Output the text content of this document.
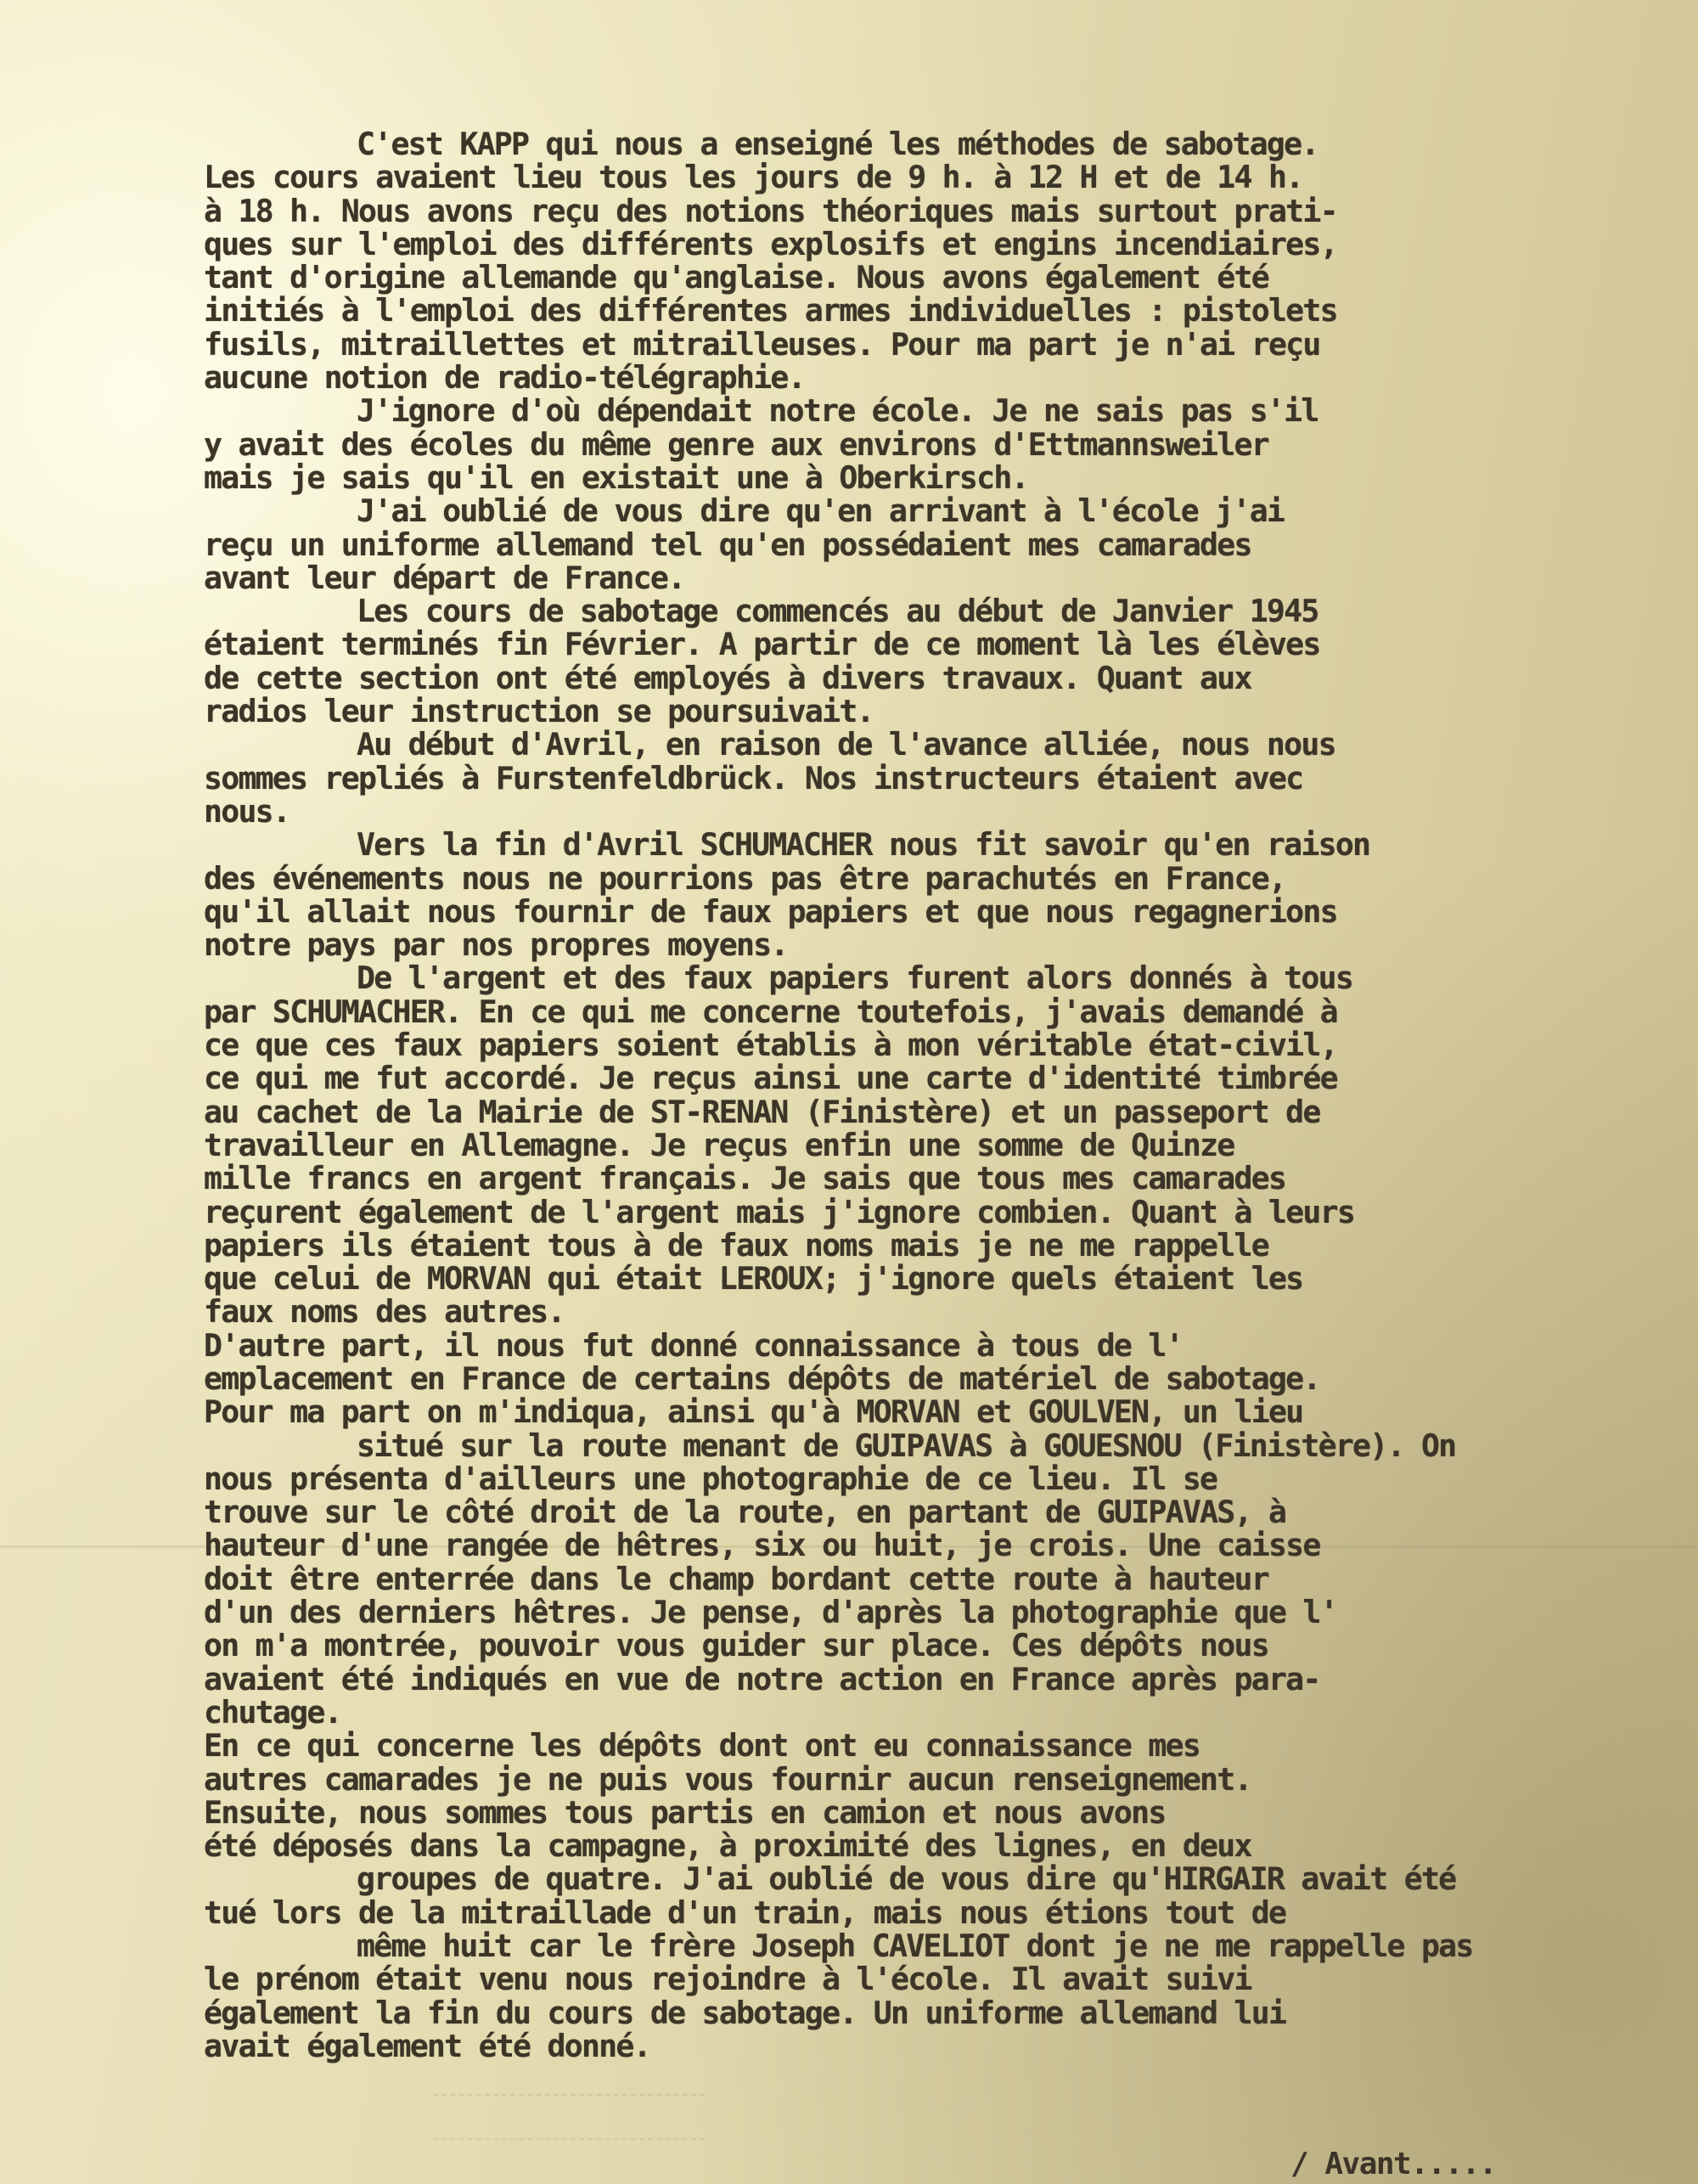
C'est KAPP qui nous a enseigné les méthodes de sabotage.
Les cours avaient lieu tous les jours de 9 h. à 12 H et de 14 h.
à 18 h. Nous avons reçu des notions théoriques mais surtout prati-
ques sur l'emploi des différents explosifs et engins incendiaires,
tant d'origine allemande qu'anglaise. Nous avons également été
initiés à l'emploi des différentes armes individuelles : pistolets
fusils, mitraillettes et mitrailleuses. Pour ma part je n'ai reçu
aucune notion de radio-télégraphie.
J'ignore d'où dépendait notre école. Je ne sais pas s'il
y avait des écoles du même genre aux environs d'Ettmannsweiler
mais je sais qu'il en existait une à Oberkirsch.
J'ai oublié de vous dire qu'en arrivant à l'école j'ai
reçu un uniforme allemand tel qu'en possédaient mes camarades
avant leur départ de France.
Les cours de sabotage commencés au début de Janvier 1945
étaient terminés fin Février. A partir de ce moment là les élèves
de cette section ont été employés à divers travaux. Quant aux
radios leur instruction se poursuivait.
Au début d'Avril, en raison de l'avance alliée, nous nous
sommes repliés à Furstenfeldbrück. Nos instructeurs étaient avec
nous.
Vers la fin d'Avril SCHUMACHER nous fit savoir qu'en raison
des événements nous ne pourrions pas être parachutés en France,
qu'il allait nous fournir de faux papiers et que nous regagnerions
notre pays par nos propres moyens.
De l'argent et des faux papiers furent alors donnés à tous
par SCHUMACHER. En ce qui me concerne toutefois, j'avais demandé à
ce que ces faux papiers soient établis à mon véritable état-civil,
ce qui me fut accordé. Je reçus ainsi une carte d'identité timbrée
au cachet de la Mairie de ST-RENAN (Finistère) et un passeport de
travailleur en Allemagne. Je reçus enfin une somme de Quinze
mille francs en argent français. Je sais que tous mes camarades
reçurent également de l'argent mais j'ignore combien. Quant à leurs
papiers ils étaient tous à de faux noms mais je ne me rappelle
que celui de MORVAN qui était LEROUX; j'ignore quels étaient les
faux noms des autres.
D'autre part, il nous fut donné connaissance à tous de l'
emplacement en France de certains dépôts de matériel de sabotage.
Pour ma part on m'indiqua, ainsi qu'à MORVAN et GOULVEN, un lieu
situé sur la route menant de GUIPAVAS à GOUESNOU (Finistère). On
nous présenta d'ailleurs une photographie de ce lieu. Il se
trouve sur le côté droit de la route, en partant de GUIPAVAS, à
hauteur d'une rangée de hêtres, six ou huit, je crois. Une caisse
doit être enterrée dans le champ bordant cette route à hauteur
d'un des derniers hêtres. Je pense, d'après la photographie que l'
on m'a montrée, pouvoir vous guider sur place. Ces dépôts nous
avaient été indiqués en vue de notre action en France après para-
chutage.
En ce qui concerne les dépôts dont ont eu connaissance mes
autres camarades je ne puis vous fournir aucun renseignement.
Ensuite, nous sommes tous partis en camion et nous avons
été déposés dans la campagne, à proximité des lignes, en deux
groupes de quatre. J'ai oublié de vous dire qu'HIRGAIR avait été
tué lors de la mitraillade d'un train, mais nous étions tout de
même huit car le frère Joseph CAVELIOT dont je ne me rappelle pas
le prénom était venu nous rejoindre à l'école. Il avait suivi
également la fin du cours de sabotage. Un uniforme allemand lui
avait également été donné.
/ Avant.....
